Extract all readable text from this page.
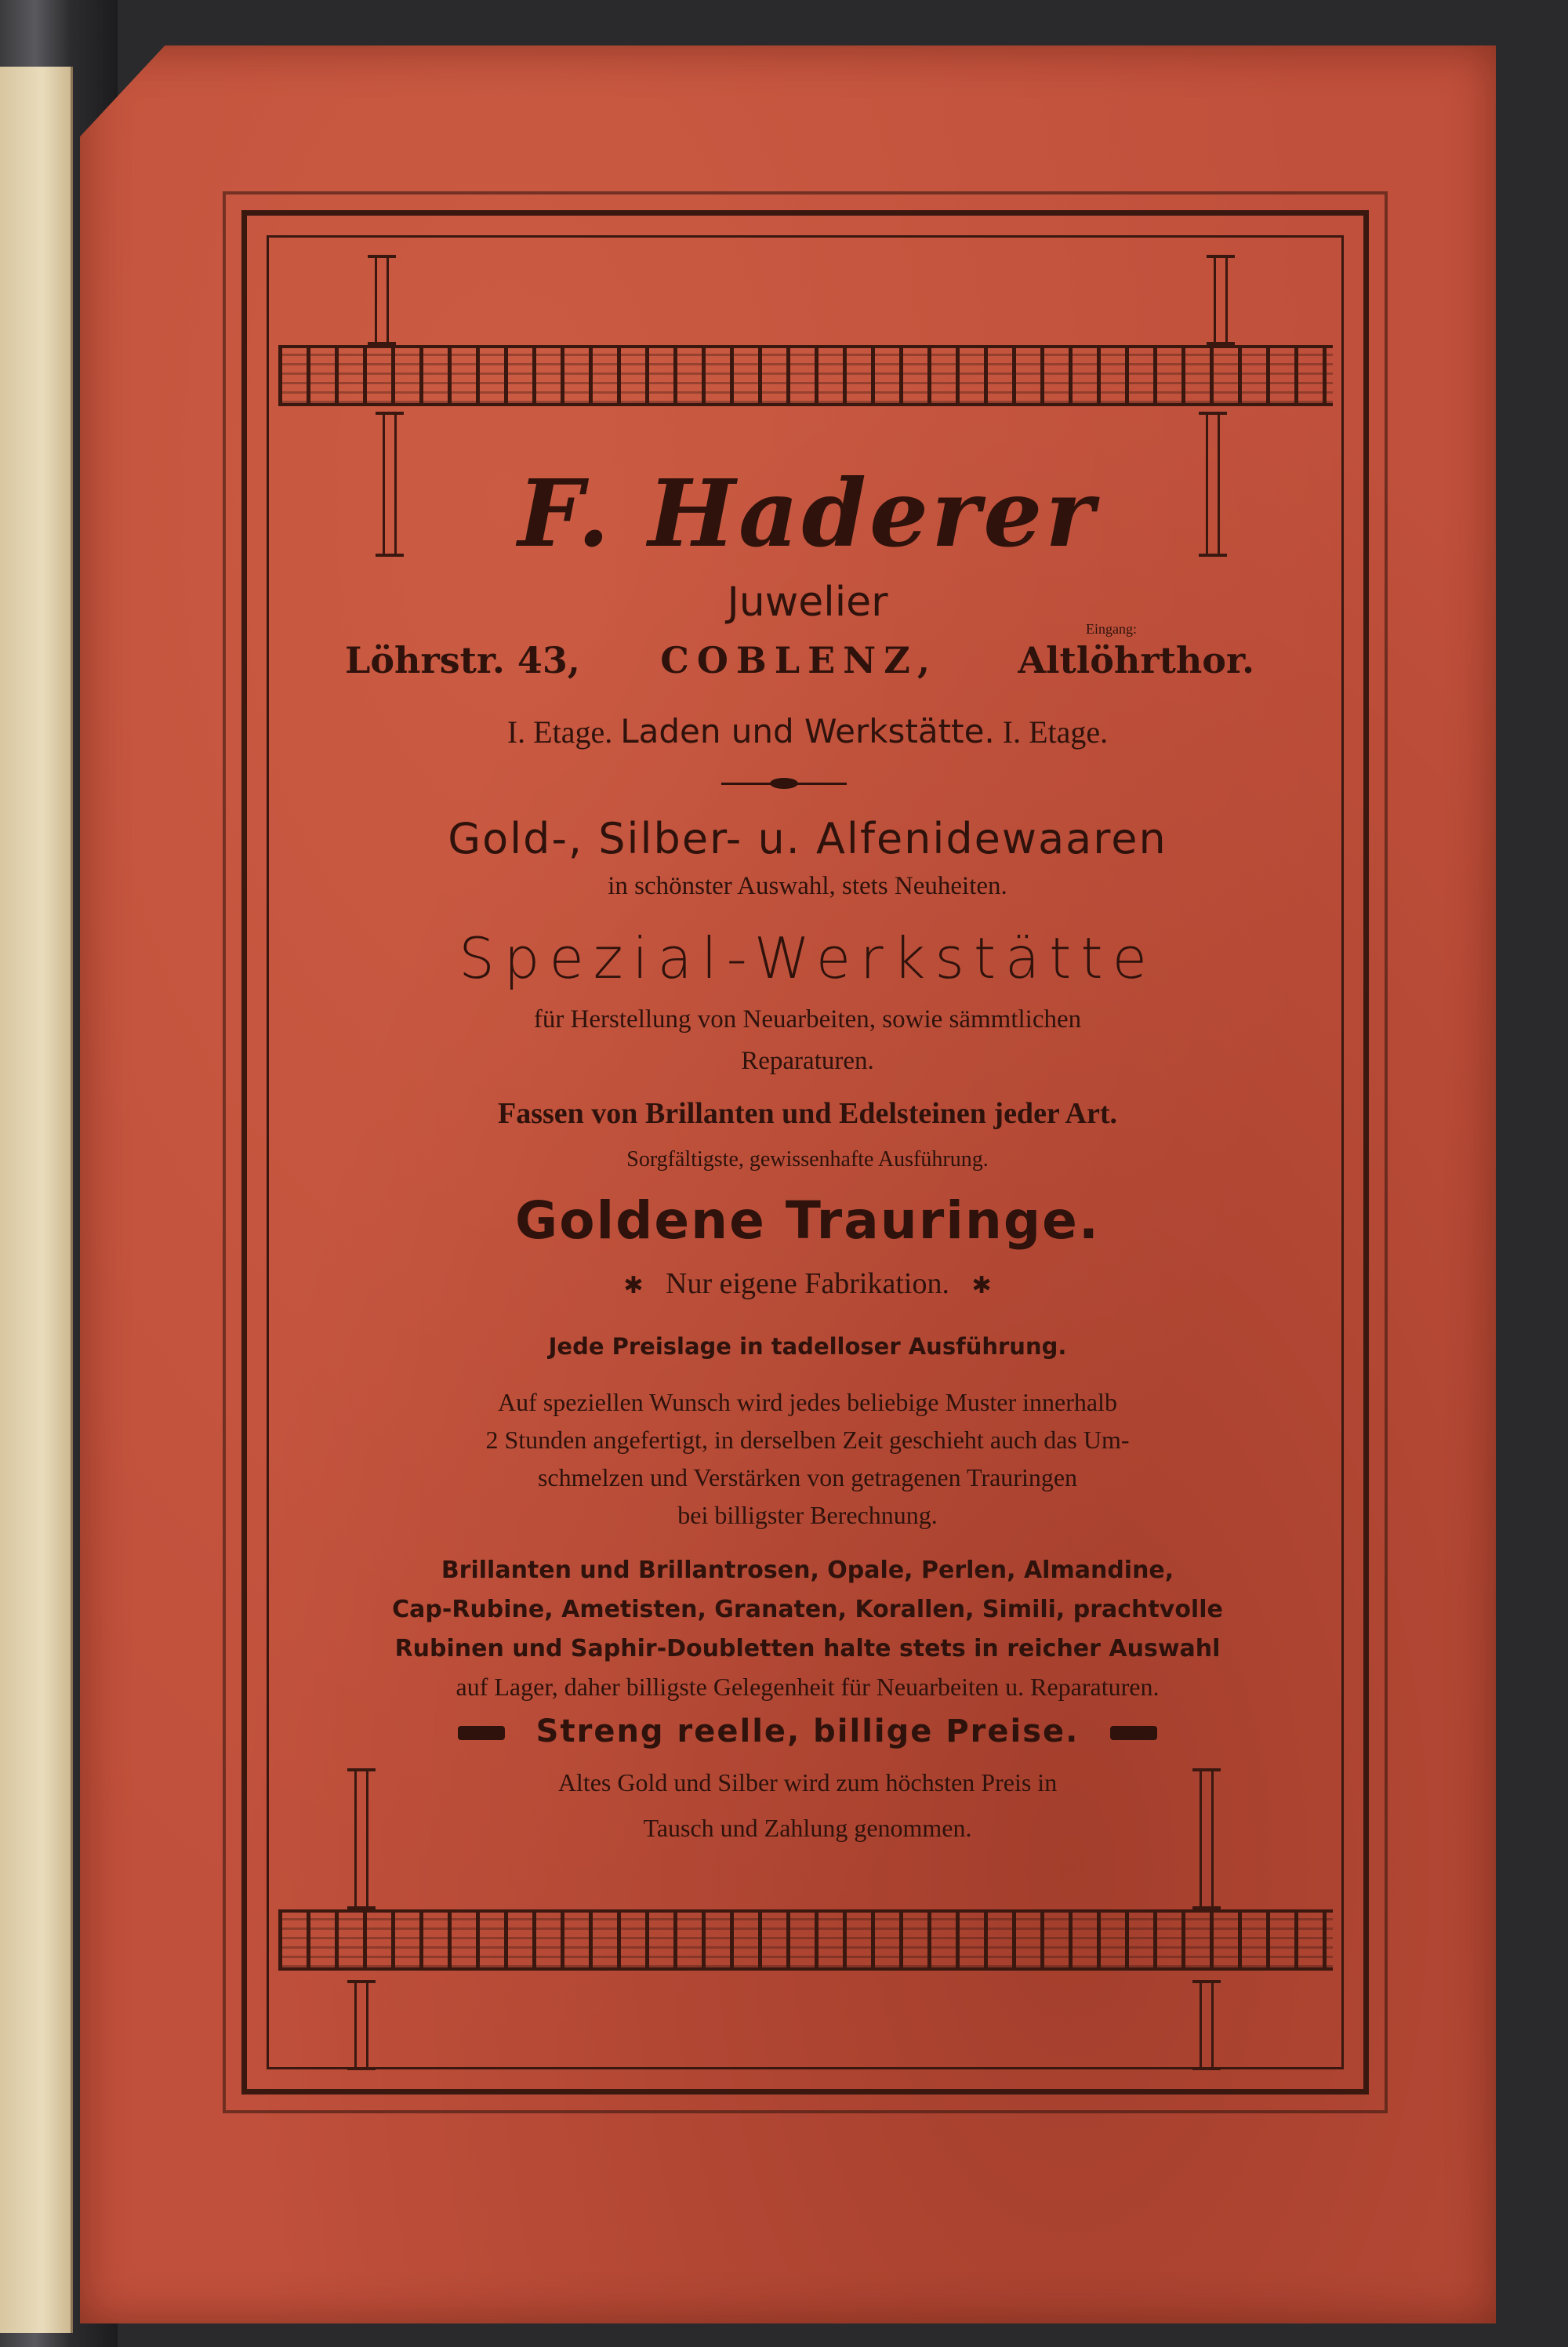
F. Haderer
Juwelier
Eingang:
Löhrstr. 43, COBLENZ, Altlöhrthor.
I. Etage. Laden und Werkstätte. I. Etage.
Gold-, Silber- u. Alfenidewaaren
in schönster Auswahl, stets Neuheiten.
Spezial-Werkstätte
für Herstellung von Neuarbeiten, sowie sämmtlichen
Reparaturen.
Fassen von Brillanten und Edelsteinen jeder Art.
Sorgfältigste, gewissenhafte Ausführung.
Goldene Trauringe.
✱ Nur eigene Fabrikation. ✱
Jede Preislage in tadelloser Ausführung.
Auf speziellen Wunsch wird jedes beliebige Muster innerhalb
2 Stunden angefertigt, in derselben Zeit geschieht auch das Um-
schmelzen und Verstärken von getragenen Trauringen
bei billigster Berechnung.
Brillanten und Brillantrosen, Opale, Perlen, Almandine,
Cap-Rubine, Ametisten, Granaten, Korallen, Simili, prachtvolle
Rubinen und Saphir-Doubletten halte stets in reicher Auswahl
auf Lager, daher billigste Gelegenheit für Neuarbeiten u. Reparaturen.
Streng reelle, billige Preise.
Altes Gold und Silber wird zum höchsten Preis in
Tausch und Zahlung genommen.
